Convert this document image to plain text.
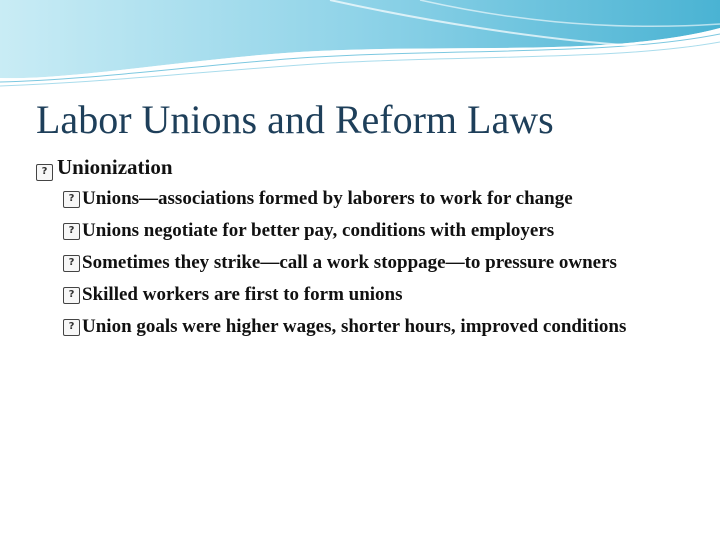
Labor Unions and Reform Laws
?
Unionization
?
Unions—associations formed by laborers to work for change
?
Unions negotiate for better pay, conditions with employers
?
Sometimes they strike—call a work stoppage—to pressure owners
?
Skilled workers are first to form unions
?
Union goals were higher wages, shorter hours, improved conditions
